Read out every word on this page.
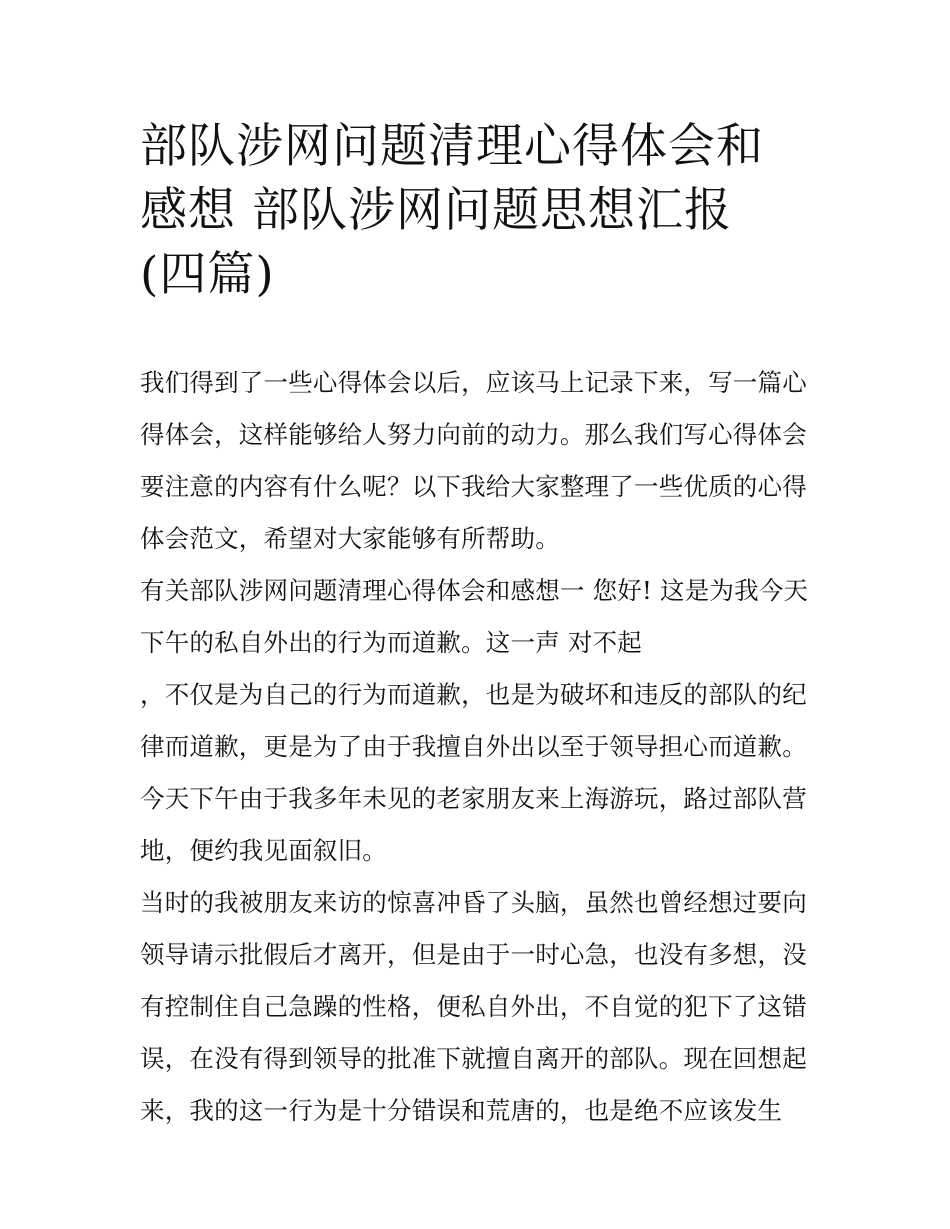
部队涉网问题清理心得体会和
感想 部队涉网问题思想汇报
(四篇)
我们得到了一些心得体会以后，应该马上记录下来，写一篇心
得体会，这样能够给人努力向前的动力。那么我们写心得体会
要注意的内容有什么呢？以下我给大家整理了一些优质的心得
体会范文，希望对大家能够有所帮助。
有关部队涉网问题清理心得体会和感想一 您好! 这是为我今天
下午的私自外出的行为而道歉。这一声 对不起
，不仅是为自己的行为而道歉，也是为破坏和违反的部队的纪
律而道歉，更是为了由于我擅自外出以至于领导担心而道歉。
今天下午由于我多年未见的老家朋友来上海游玩，路过部队营
地，便约我见面叙旧。
当时的我被朋友来访的惊喜冲昏了头脑，虽然也曾经想过要向
领导请示批假后才离开，但是由于一时心急，也没有多想，没
有控制住自己急躁的性格，便私自外出，不自觉的犯下了这错
误，在没有得到领导的批准下就擅自离开的部队。现在回想起
来，我的这一行为是十分错误和荒唐的，也是绝不应该发生
